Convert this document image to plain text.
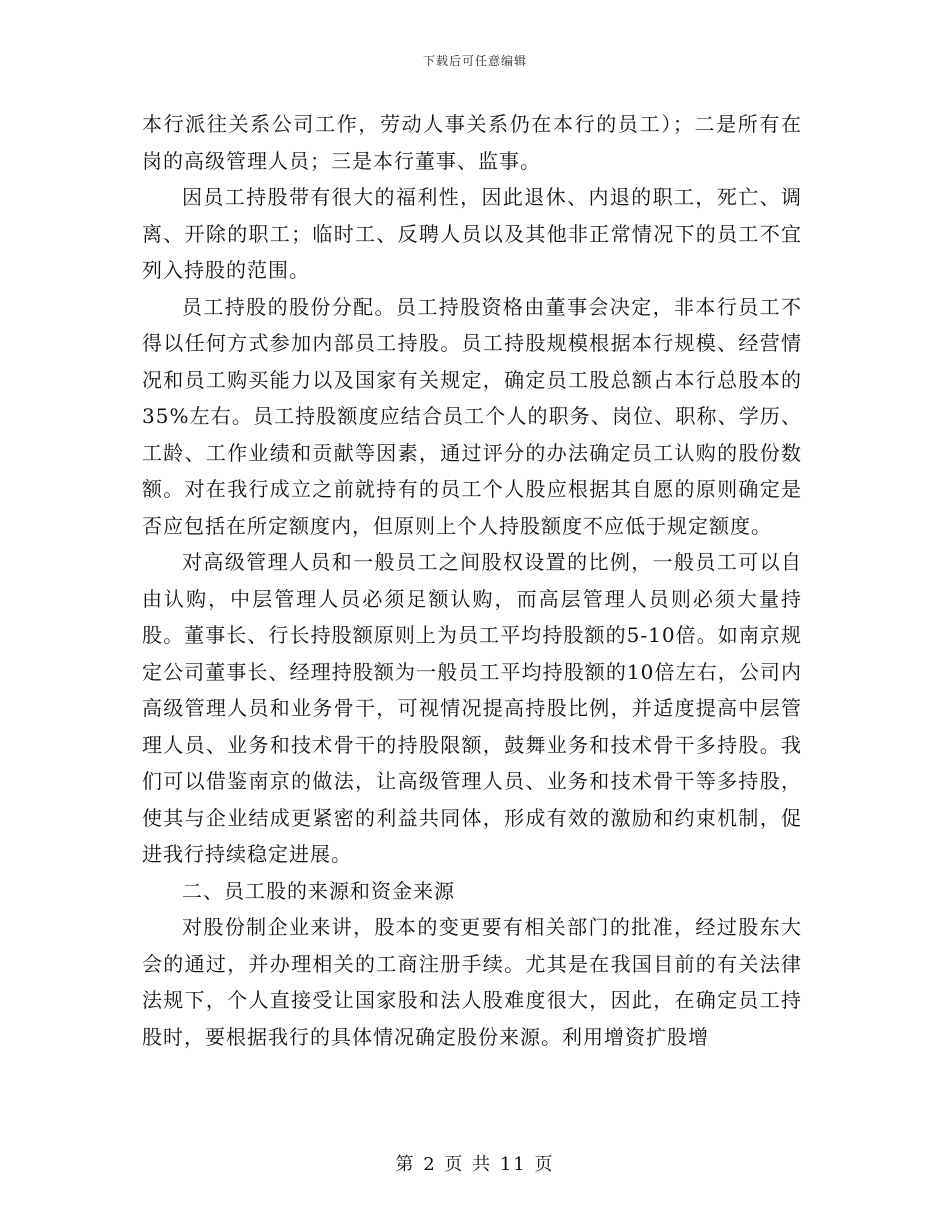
下载后可任意编辑

本行派往关系公司工作，劳动人事关系仍在本行的员工）；二是所有在岗的高级管理人员；三是本行董事、监事。

因员工持股带有很大的福利性，因此退休、内退的职工，死亡、调离、开除的职工；临时工、反聘人员以及其他非正常情况下的员工不宜列入持股的范围。

员工持股的股份分配。员工持股资格由董事会决定，非本行员工不得以任何方式参加内部员工持股。员工持股规模根据本行规模、经营情况和员工购买能力以及国家有关规定，确定员工股总额占本行总股本的35%左右。员工持股额度应结合员工个人的职务、岗位、职称、学历、工龄、工作业绩和贡献等因素，通过评分的办法确定员工认购的股份数额。对在我行成立之前就持有的员工个人股应根据其自愿的原则确定是否应包括在所定额度内，但原则上个人持股额度不应低于规定额度。

对高级管理人员和一般员工之间股权设置的比例，一般员工可以自由认购，中层管理人员必须足额认购，而高层管理人员则必须大量持股。董事长、行长持股额原则上为员工平均持股额的5-10倍。如南京规定公司董事长、经理持股额为一般员工平均持股额的10倍左右，公司内高级管理人员和业务骨干，可视情况提高持股比例，并适度提高中层管理人员、业务和技术骨干的持股限额，鼓舞业务和技术骨干多持股。我们可以借鉴南京的做法，让高级管理人员、业务和技术骨干等多持股，使其与企业结成更紧密的利益共同体，形成有效的激励和约束机制，促进我行持续稳定进展。

二、员工股的来源和资金来源

对股份制企业来讲，股本的变更要有相关部门的批准，经过股东大会的通过，并办理相关的工商注册手续。尤其是在我国目前的有关法律法规下，个人直接受让国家股和法人股难度很大，因此，在确定员工持股时，要根据我行的具体情况确定股份来源。利用增资扩股增

第 2 页 共 11 页
